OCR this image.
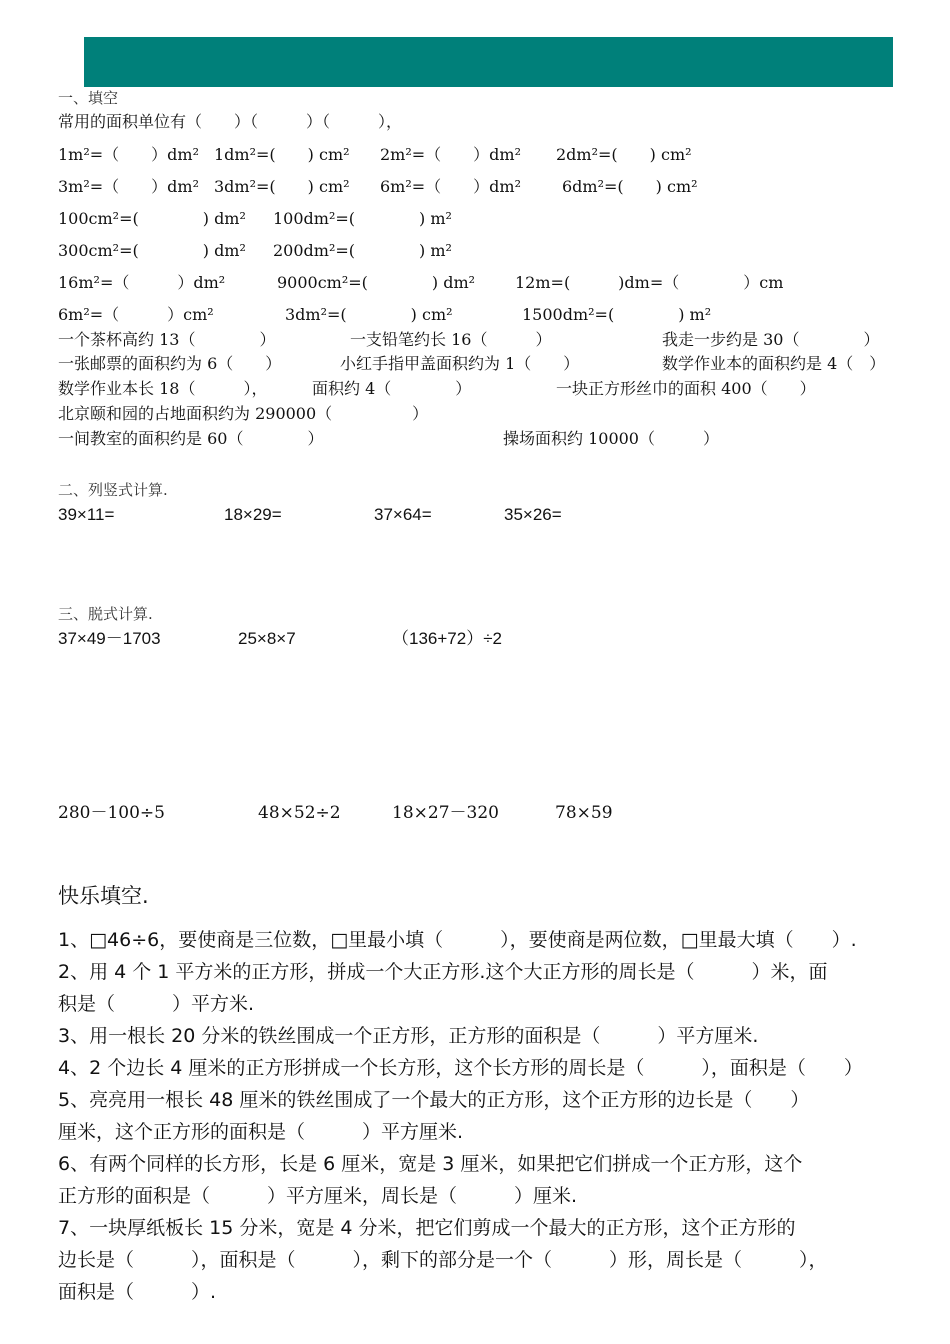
一、填空
常用的面积单位有（　　）（　　　）（　　　），
1m²=（　　）dm² 1dm²=(　　) cm² 2m²=（　　）dm² 2dm²=(　　) cm²
3m²=（　　）dm² 3dm²=(　　) cm² 6m²=（　　）dm²	6dm²=(　　) cm²
100cm²=(　　　　) dm² 100dm²=(　　　　) m²
300cm²=(　　　　) dm² 200dm²=(　　　　) m²
16m²=（　　　）dm²	9000cm²=(　　　　) dm² 12m=(　　　)dm=（　　　　）cm
6m²=（　　　）cm²	3dm²=(　　　　) cm²	1500dm²=(　　　　) m²
一个茶杯高约 13（　　　　）	一支铅笔约长 16（　　　）	我走一步约是 30（　　　　）
一张邮票的面积约为 6（　　）	小红手指甲盖面积约为 1（　　）	数学作业本的面积约是 4（　）
数学作业本长 18（　　　），	面积约 4（　　　　）	一块正方形丝巾的面积 400（　　）
北京颐和园的占地面积约为 290000（　　　　　）
一间教室的面积约是 60（　　　　）	操场面积约 10000（　　　）
二、列竖式计算.
39×11=	18×29=	37×64=	35×26=
三、脱式计算.
37×49－1703	25×8×7	（136+72）÷2
280－100÷5	48×52÷2	18×27－320	78×59
快乐填空.

1、□46÷6，要使商是三位数，□里最小填（　　　），要使商是两位数，□里最大填（　　）.

2、用 4 个 1 平方米的正方形，拼成一个大正方形.这个大正方形的周长是（　　　）米，面

积是（　　　）平方米.

3、用一根长 20 分米的铁丝围成一个正方形，正方形的面积是（　　　）平方厘米.

4、2 个边长 4 厘米的正方形拼成一个长方形，这个长方形的周长是（　　　），面积是（　　）

5、亮亮用一根长 48 厘米的铁丝围成了一个最大的正方形，这个正方形的边长是（　　）

厘米，这个正方形的面积是（　　　）平方厘米.

6、有两个同样的长方形，长是 6 厘米，宽是 3 厘米，如果把它们拼成一个正方形，这个

正方形的面积是（　　　）平方厘米，周长是（　　　）厘米.

7、一块厚纸板长 15 分米，宽是 4 分米，把它们剪成一个最大的正方形，这个正方形的

边长是（　　　），面积是（　　　），剩下的部分是一个（　　　）形，周长是（　　　），

面积是（　　　）.
